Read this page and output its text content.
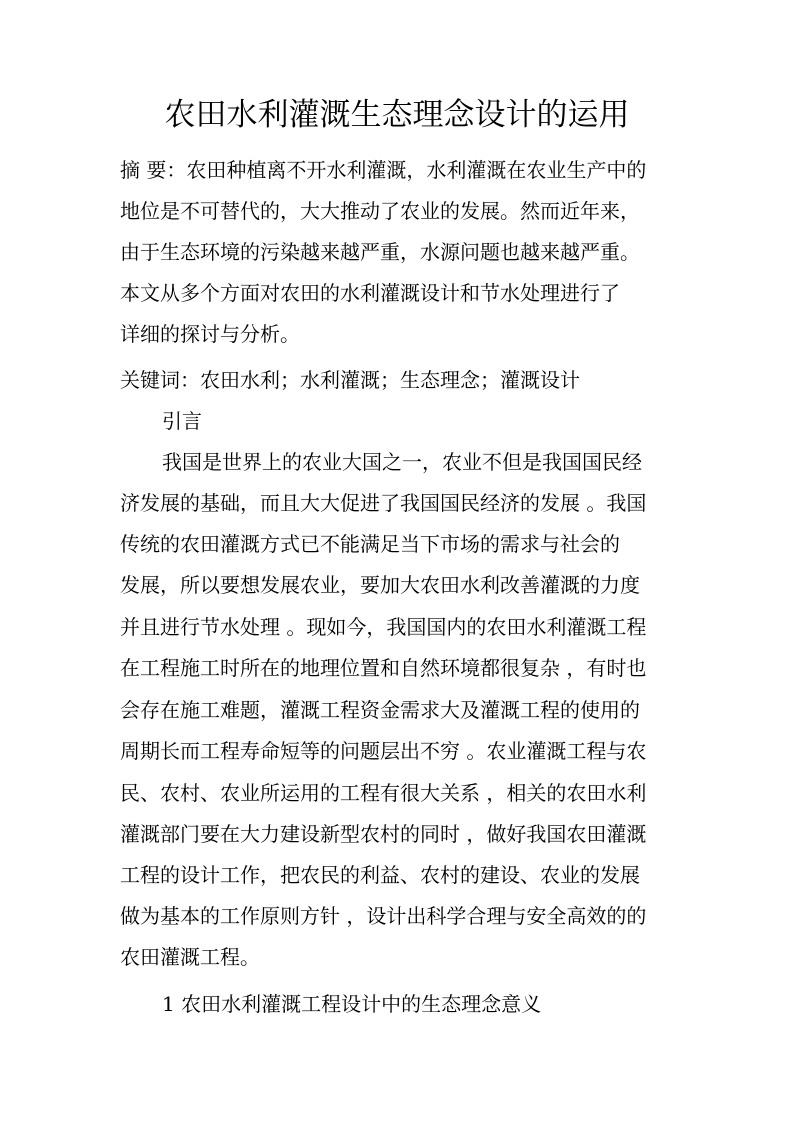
农田水利灌溉生态理念设计的运用
摘 要：农田种植离不开水利灌溉，水利灌溉在农业生产中的
地位是不可替代的，大大推动了农业的发展。然而近年来，
由于生态环境的污染越来越严重，水源问题也越来越严重。
本文从多个方面对农田的水利灌溉设计和节水处理进行了
详细的探讨与分析。
关键词：农田水利；水利灌溉；生态理念；灌溉设计
引言
我国是世界上的农业大国之一，农业不但是我国国民经
济发展的基础，而且大大促进了我国国民经济的发展 。我国
传统的农田灌溉方式已不能满足当下市场的需求与社会的
发展，所以要想发展农业，要加大农田水利改善灌溉的力度
并且进行节水处理 。现如今，我国国内的农田水利灌溉工程
在工程施工时所在的地理位置和自然环境都很复杂 ，有时也
会存在施工难题，灌溉工程资金需求大及灌溉工程的使用的
周期长而工程寿命短等的问题层出不穷 。农业灌溉工程与农
民、农村、农业所运用的工程有很大关系 ，相关的农田水利
灌溉部门要在大力建设新型农村的同时 ，做好我国农田灌溉
工程的设计工作，把农民的利益、农村的建设、农业的发展
做为基本的工作原则方针 ，设计出科学合理与安全高效的的
农田灌溉工程。
1 农田水利灌溉工程设计中的生态理念意义
